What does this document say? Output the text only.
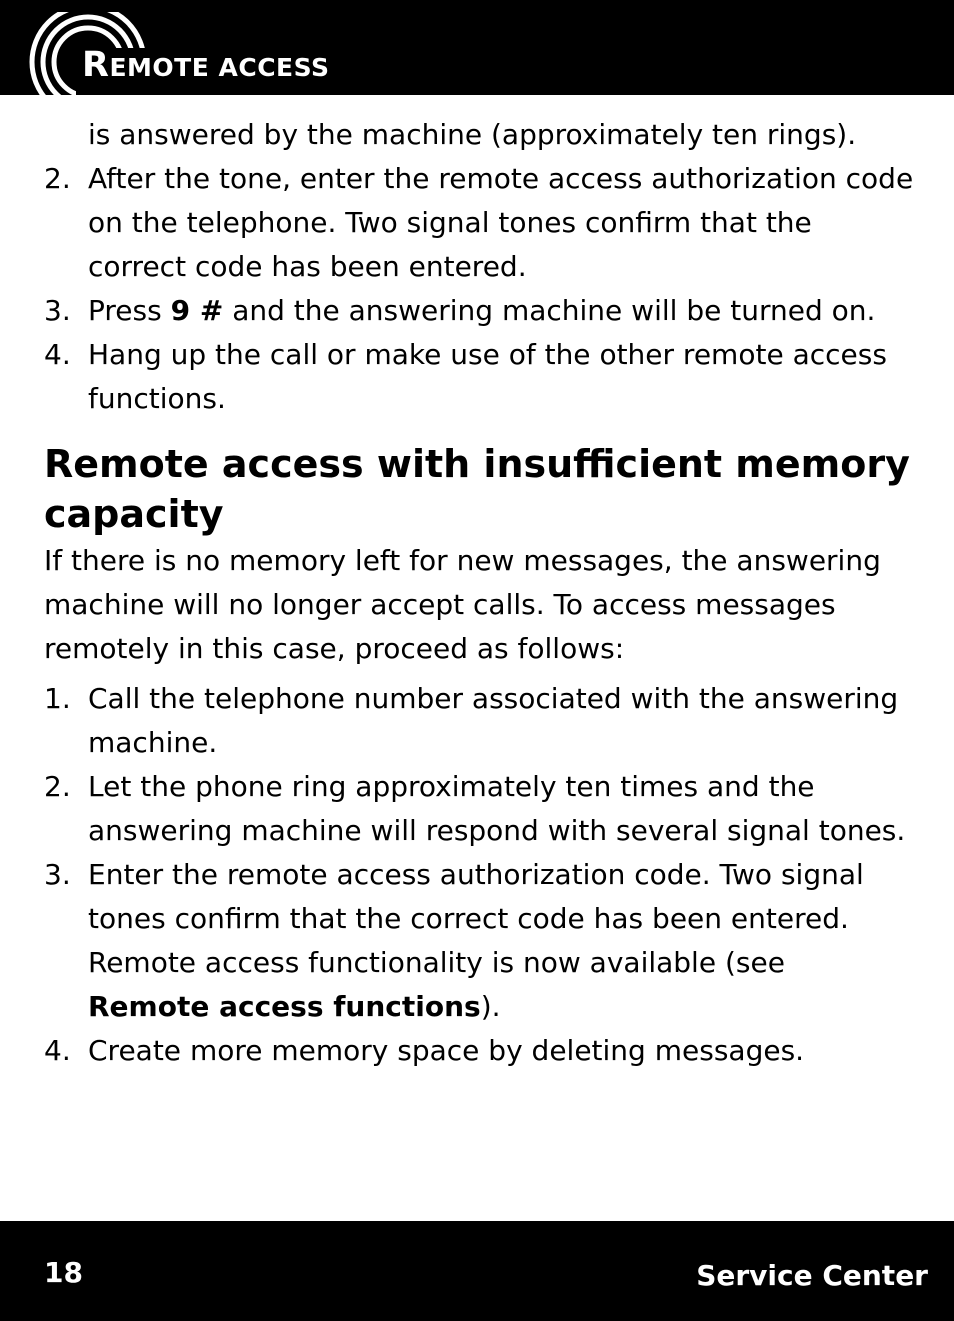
REMOTE ACCESS
is answered by the machine (approximately ten rings).
2. After the tone, enter the remote access authorization code on the telephone. Two signal tones confirm that the correct code has been entered.
3. Press 9 # and the answering machine will be turned on.
4. Hang up the call or make use of the other remote access functions.
Remote access with insufficient memory capacity

If there is no memory left for new messages, the answering machine will no longer accept calls. To access messages remotely in this case, proceed as follows:

1. Call the telephone number associated with the answering machine.
2. Let the phone ring approximately ten times and the answering machine will respond with several signal tones.
3. Enter the remote access authorization code. Two signal tones confirm that the correct code has been entered. Remote access functionality is now available (see
Remote access functions).
4. Create more memory space by deleting messages.
18	Service Center
